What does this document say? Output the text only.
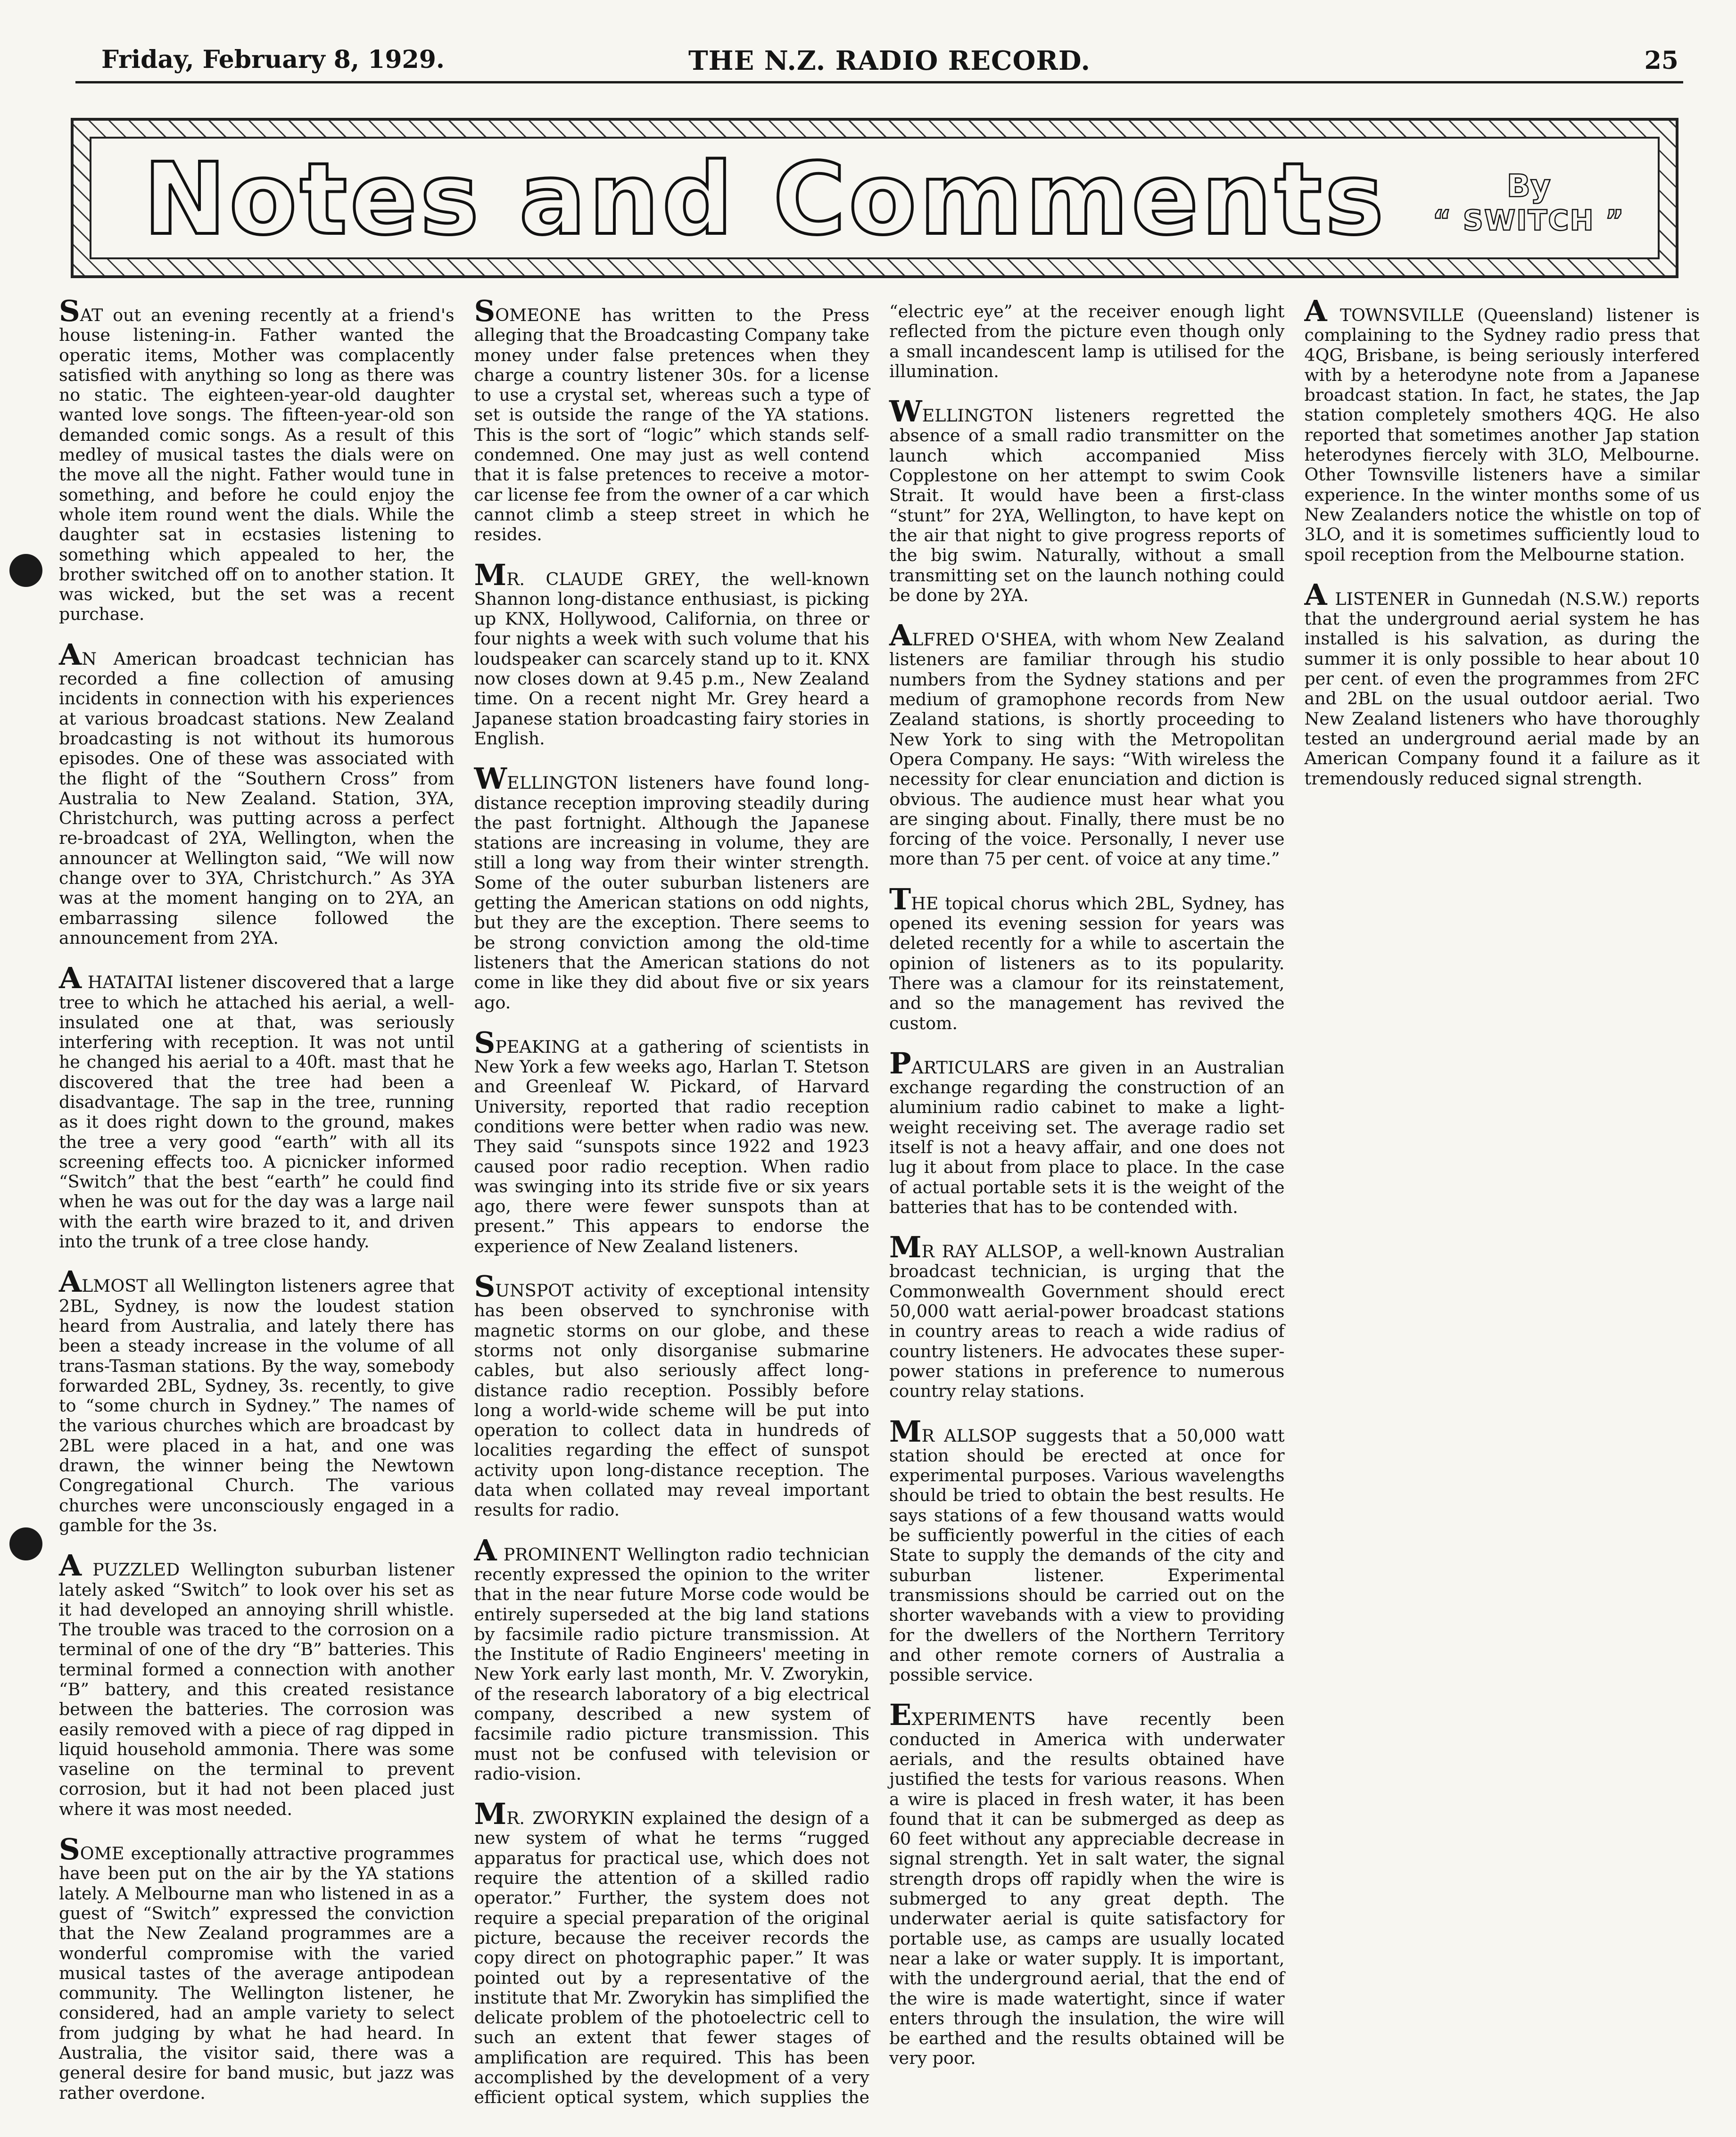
Friday, February 8, 1929.	THE N.Z. RADIO RECORD.	25
Notes and Comments	By
“ SWITCH ”

SAT out an evening recently at a friend's house listening-in. Father wanted the operatic items, Mother was complacently satisfied with anything so long as there was no static. The eighteen-year-old daughter wanted love songs. The fifteen-year-old son demanded comic songs. As a result of this medley of musical tastes the dials were on the move all the night. Father would tune in something, and before he could enjoy the whole item round went the dials. While the daughter sat in ecstasies listening to something which appealed to her, the brother switched off on to another station. It was wicked, but the set was a recent purchase.

AN American broadcast technician has recorded a fine collection of amusing incidents in connection with his experiences at various broadcast stations. New Zealand broadcasting is not without its humorous episodes. One of these was associated with the flight of the “Southern Cross” from Australia to New Zealand. Station, 3YA, Christchurch, was putting across a perfect re-broadcast of 2YA, Wellington, when the announcer at Wellington said, “We will now change over to 3YA, Christchurch.” As 3YA was at the moment hanging on to 2YA, an embarrassing silence followed the announcement from 2YA.

A HATAITAI listener discovered that a large tree to which he attached his aerial, a well-insulated one at that, was seriously interfering with reception. It was not until he changed his aerial to a 40ft. mast that he discovered that the tree had been a disadvantage. The sap in the tree, running as it does right down to the ground, makes the tree a very good “earth” with all its screening effects too. A picnicker informed “Switch” that the best “earth” he could find when he was out for the day was a large nail with the earth wire brazed to it, and driven into the trunk of a tree close handy.

ALMOST all Wellington listeners agree that 2BL, Sydney, is now the loudest station heard from Australia, and lately there has been a steady increase in the volume of all trans-Tasman stations. By the way, somebody forwarded 2BL, Sydney, 3s. recently, to give to “some church in Sydney.” The names of the various churches which are broadcast by 2BL were placed in a hat, and one was drawn, the winner being the Newtown Congregational Church. The various churches were unconsciously engaged in a gamble for the 3s.

A PUZZLED Wellington suburban listener lately asked “Switch” to look over his set as it had developed an annoying shrill whistle. The trouble was traced to the corrosion on a terminal of one of the dry “B” batteries. This terminal formed a connection with another “B” battery, and this created resistance between the batteries. The corrosion was easily removed with a piece of rag dipped in liquid household ammonia. There was some vaseline on the terminal to prevent corrosion, but it had not been placed just where it was most needed.

SOME exceptionally attractive programmes have been put on the air by the YA stations lately. A Melbourne man who listened in as a guest of “Switch” expressed the conviction that the New Zealand programmes are a wonderful compromise with the varied musical tastes of the average antipodean community. The Wellington listener, he considered, had an ample variety to select from judging by what he had heard. In Australia, the visitor said, there was a general desire for band music, but jazz was rather overdone.

SOMEONE has written to the Press alleging that the Broadcasting Company take money under false pretences when they charge a country listener 30s. for a license to use a crystal set, whereas such a type of set is outside the range of the YA stations. This is the sort of “logic” which stands self-condemned. One may just as well contend that it is false pretences to receive a motor-car license fee from the owner of a car which cannot climb a steep street in which he resides.

MR. CLAUDE GREY, the well-known Shannon long-distance enthusiast, is picking up KNX, Hollywood, California, on three or four nights a week with such volume that his loudspeaker can scarcely stand up to it. KNX now closes down at 9.45 p.m., New Zealand time. On a recent night Mr. Grey heard a Japanese station broadcasting fairy stories in English.

WELLINGTON listeners have found long-distance reception improving steadily during the past fortnight. Although the Japanese stations are increasing in volume, they are still a long way from their winter strength. Some of the outer suburban listeners are getting the American stations on odd nights, but they are the exception. There seems to be strong conviction among the old-time listeners that the American stations do not come in like they did about five or six years ago.

SPEAKING at a gathering of scientists in New York a few weeks ago, Harlan T. Stetson and Greenleaf W. Pickard, of Harvard University, reported that radio reception conditions were better when radio was new. They said “sunspots since 1922 and 1923 caused poor radio reception. When radio was swinging into its stride five or six years ago, there were fewer sunspots than at present.” This appears to endorse the experience of New Zealand listeners.

SUNSPOT activity of exceptional intensity has been observed to synchronise with magnetic storms on our globe, and these storms not only disorganise submarine cables, but also seriously affect long-distance radio reception. Possibly before long a world-wide scheme will be put into operation to collect data in hundreds of localities regarding the effect of sunspot activity upon long-distance reception. The data when collated may reveal important results for radio.

A PROMINENT Wellington radio technician recently expressed the opinion to the writer that in the near future Morse code would be entirely superseded at the big land stations by facsimile radio picture transmission. At the Institute of Radio Engineers' meeting in New York early last month, Mr. V. Zworykin, of the research laboratory of a big electrical company, described a new system of facsimile radio picture transmission. This must not be confused with television or radio-vision.

MR. ZWORYKIN explained the design of a new system of what he terms “rugged apparatus for practical use, which does not require the attention of a skilled radio operator.” Further, the system does not require a special preparation of the original picture, because the receiver records the copy direct on photographic paper.” It was pointed out by a representative of the institute that Mr. Zworykin has simplified the delicate problem of the photoelectric cell to such an extent that fewer stages of amplification are required. This has been accomplished by the development of a very efficient optical system, which supplies the “electric eye” at the receiver enough light reflected from the picture even though only a small incandescent lamp is utilised for the illumination.

WELLINGTON listeners regretted the absence of a small radio transmitter on the launch which accompanied Miss Copplestone on her attempt to swim Cook Strait. It would have been a first-class “stunt” for 2YA, Wellington, to have kept on the air that night to give progress reports of the big swim. Naturally, without a small transmitting set on the launch nothing could be done by 2YA.

ALFRED O'SHEA, with whom New Zealand listeners are familiar through his studio numbers from the Sydney stations and per medium of gramophone records from New Zealand stations, is shortly proceeding to New York to sing with the Metropolitan Opera Company. He says: “With wireless the necessity for clear enunciation and diction is obvious. The audience must hear what you are singing about. Finally, there must be no forcing of the voice. Personally, I never use more than 75 per cent. of voice at any time.”

THE topical chorus which 2BL, Sydney, has opened its evening session for years was deleted recently for a while to ascertain the opinion of listeners as to its popularity. There was a clamour for its reinstatement, and so the management has revived the custom.

PARTICULARS are given in an Australian exchange regarding the construction of an aluminium radio cabinet to make a light-weight receiving set. The average radio set itself is not a heavy affair, and one does not lug it about from place to place. In the case of actual portable sets it is the weight of the batteries that has to be contended with.

MR RAY ALLSOP, a well-known Australian broadcast technician, is urging that the Commonwealth Government should erect 50,000 watt aerial-power broadcast stations in country areas to reach a wide radius of country listeners. He advocates these super-power stations in preference to numerous country relay stations.

MR ALLSOP suggests that a 50,000 watt station should be erected at once for experimental purposes. Various wavelengths should be tried to obtain the best results. He says stations of a few thousand watts would be sufficiently powerful in the cities of each State to supply the demands of the city and suburban listener. Experimental transmissions should be carried out on the shorter wavebands with a view to providing for the dwellers of the Northern Territory and other remote corners of Australia a possible service.

EXPERIMENTS have recently been conducted in America with underwater aerials, and the results obtained have justified the tests for various reasons. When a wire is placed in fresh water, it has been found that it can be submerged as deep as 60 feet without any appreciable decrease in signal strength. Yet in salt water, the signal strength drops off rapidly when the wire is submerged to any great depth. The underwater aerial is quite satisfactory for portable use, as camps are usually located near a lake or water supply. It is important, with the underground aerial, that the end of the wire is made watertight, since if water enters through the insulation, the wire will be earthed and the results obtained will be very poor.

A TOWNSVILLE (Queensland) listener is complaining to the Sydney radio press that 4QG, Brisbane, is being seriously interfered with by a heterodyne note from a Japanese broadcast station. In fact, he states, the Jap station completely smothers 4QG. He also reported that sometimes another Jap station heterodynes fiercely with 3LO, Melbourne. Other Townsville listeners have a similar experience. In the winter months some of us New Zealanders notice the whistle on top of 3LO, and it is sometimes sufficiently loud to spoil reception from the Melbourne station.

A LISTENER in Gunnedah (N.S.W.) reports that the underground aerial system he has installed is his salvation, as during the summer it is only possible to hear about 10 per cent. of even the programmes from 2FC and 2BL on the usual outdoor aerial. Two New Zealand listeners who have thoroughly tested an underground aerial made by an American Company found it a failure as it tremendously reduced signal strength.
